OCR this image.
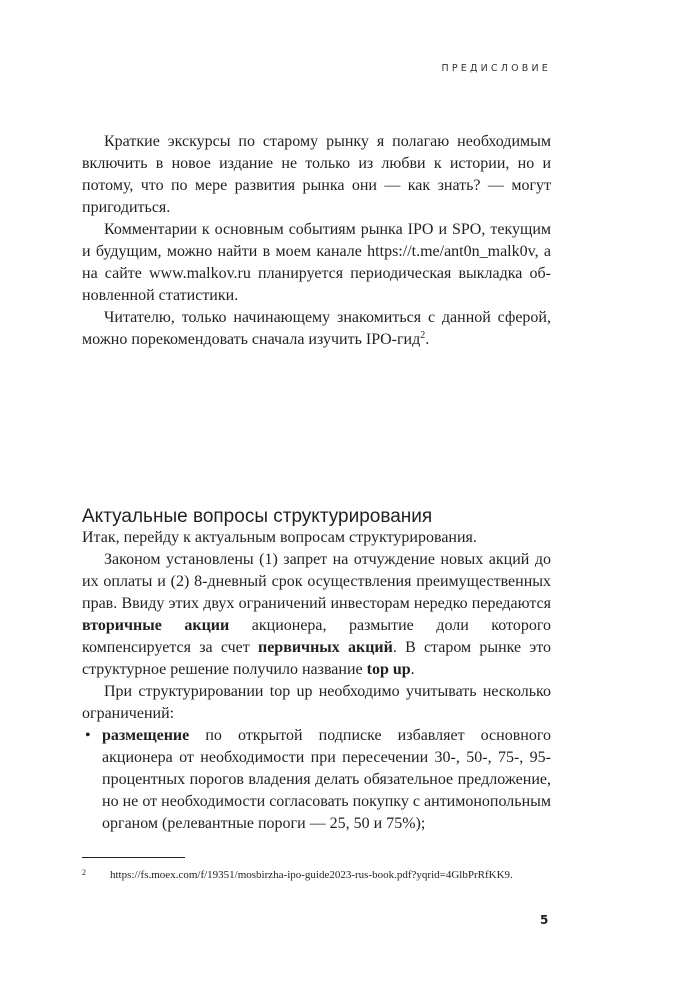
ПРЕДИСЛОВИЕ

Краткие экскурсы по старому рынку я полагаю необходимым включить в новое издание не только из любви к истории, но и потому, что по мере развития рынка они — как знать? — могут пригодиться.

Комментарии к основным событиям рынка IPO и SPO, текущим и будущим, можно найти в моем канале https://t.me/ant0n_malk0v, а на сайте www.malkov.ru планируется периодическая выкладка обновленной статистики.

Читателю, только начинающему знакомиться с данной сферой, можно порекомендовать сначала изучить IPO-гид$^2$.

Актуальные вопросы структурирования

Итак, перейду к актуальным вопросам структурирования.

Законом установлены (1) запрет на отчуждение новых акций до их оплаты и (2) 8-дневный срок осуществления преимущественных прав. Ввиду этих двух ограничений инвесторам нередко передаются вторичные акции акционера, размытие доли которого компенсируется за счет первичных акций. В старом рынке это структурное решение получило название top up.

При структурировании top up необходимо учитывать несколько ограничений:

• размещение по открытой подписке избавляет основного акционера от необходимости при пересечении 30-, 50-, 75-, 95-процентных порогов владения делать обязательное предложение, но не от необходимости согласовать покупку с антимонопольным органом (релевантные пороги — 25, 50 и 75%);
2 https://fs.moex.com/f/19351/mosbirzha-ipo-guide2023-rus-book.pdf?yqrid=4GlbPrRfKK9.
5
